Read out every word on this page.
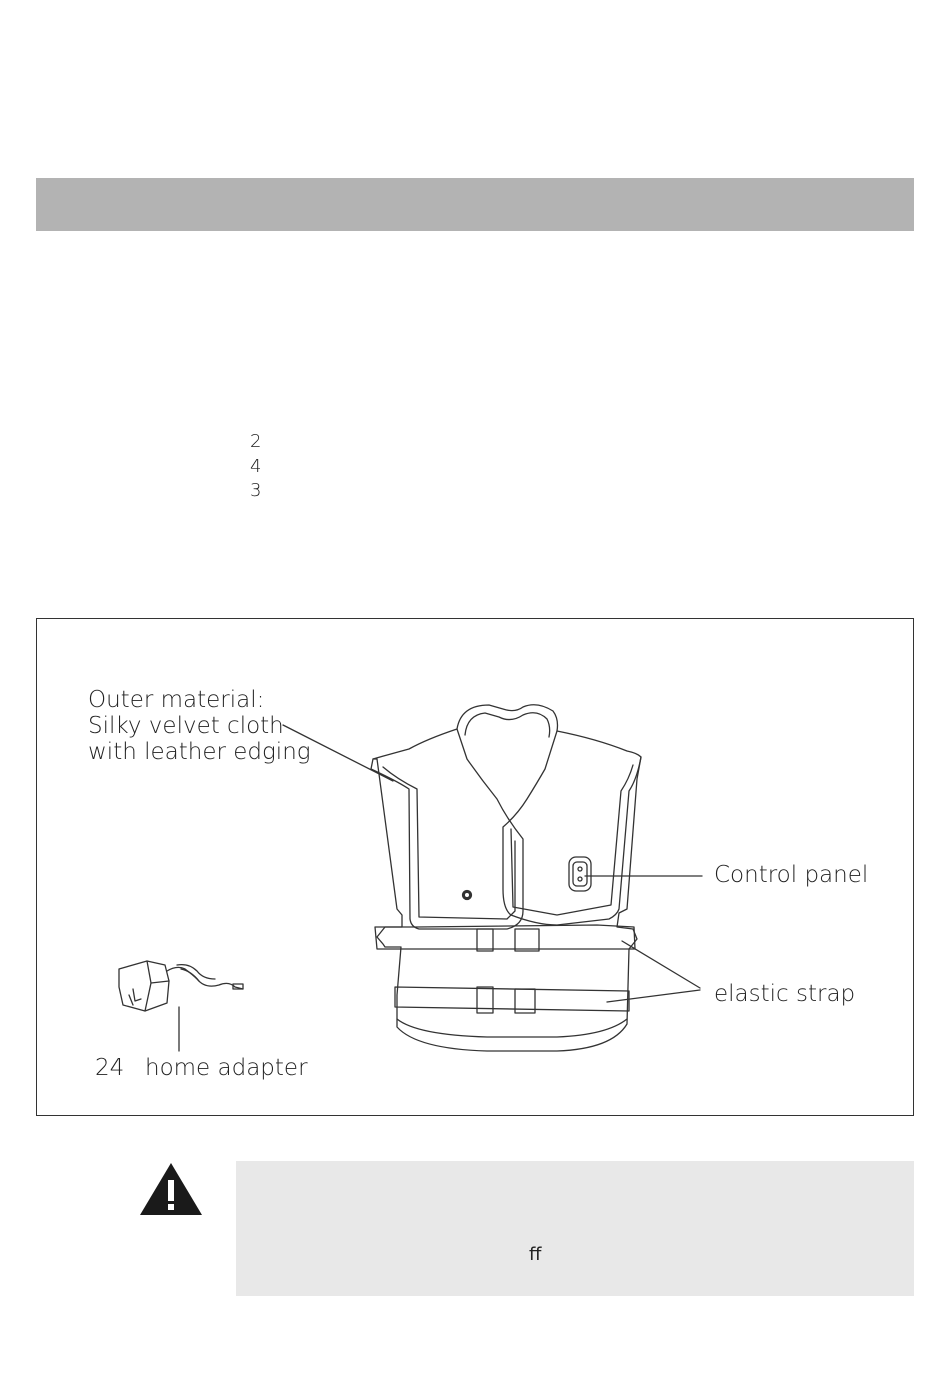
2
4
3
Outer material:
Silky velvet cloth
with leather edging
Control panel
elastic strap
24 home adapter
ﬀ
